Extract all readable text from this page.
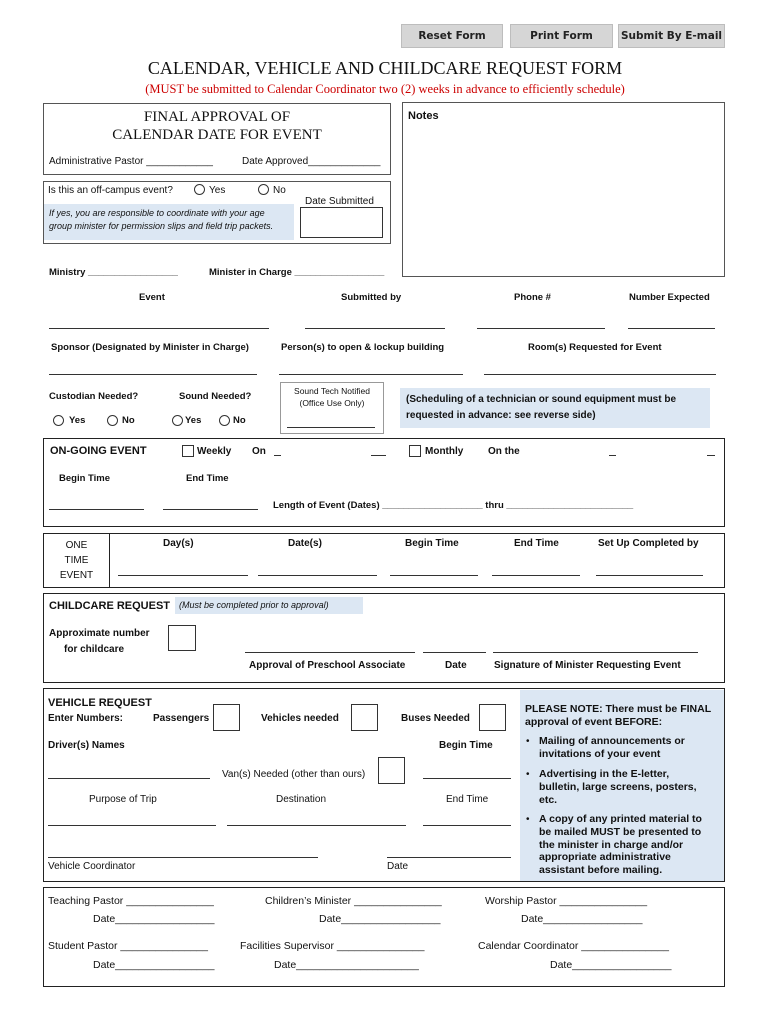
Reset Form	Print Form	Submit By E-mail
CALENDAR, VEHICLE AND CHILDCARE REQUEST FORM
(MUST be submitted to Calendar Coordinator two (2) weeks in advance to efficiently schedule)
FINAL APPROVAL OF
CALENDAR DATE FOR EVENT
Administrative Pastor ____________	Date Approved_____________
Notes
Is this an off-campus event?	Yes	No
Date Submitted
If yes, you are responsible to coordinate with your age
group minister for permission slips and field trip packets.
Ministry _________________	Minister in Charge _________________
Event	Submitted by	Phone #	Number Expected
Sponsor (Designated by Minister in Charge)	Person(s) to open & lockup building	Room(s) Requested for Event
Custodian Needed?	Sound Needed?
Yes	No	Yes	No
Sound Tech Notified
(Office Use Only)	(Scheduling of a technician or sound equipment must be
requested in advance: see reverse side)
ON-GOING EVENT	Weekly On	Monthly On the
Begin Time	End Time
Length of Event (Dates) ___________________ thru ________________________
ONE
TIME
EVENT
Day(s)	Date(s)	Begin Time	End Time	Set Up Completed by
CHILDCARE REQUEST (Must be completed prior to approval)
Approximate number
for childcare
Approval of Preschool Associate	Date	Signature of Minister Requesting Event
VEHICLE REQUEST
Enter Numbers:	Passengers	Vehicles needed	Buses Needed
Driver(s) Names	Begin Time
Van(s) Needed (other than ours)
Purpose of Trip	Destination	End Time
Vehicle Coordinator	Date
PLEASE NOTE: There must be FINAL
approval of event BEFORE:
• Mailing of announcements or
invitations of your event
• Advertising in the E-letter,
bulletin, large screens, posters,
etc.
• A copy of any printed material to
be mailed MUST be presented to
the minister in charge and/or
appropriate administrative
assistant before mailing.
Teaching Pastor _______________	Children’s Minister _______________	Worship Pastor _______________
Date_________________	Date_________________	Date_________________
Student Pastor _______________	Facilities Supervisor _______________	Calendar Coordinator _______________
Date_________________	Date_____________________	Date_________________
